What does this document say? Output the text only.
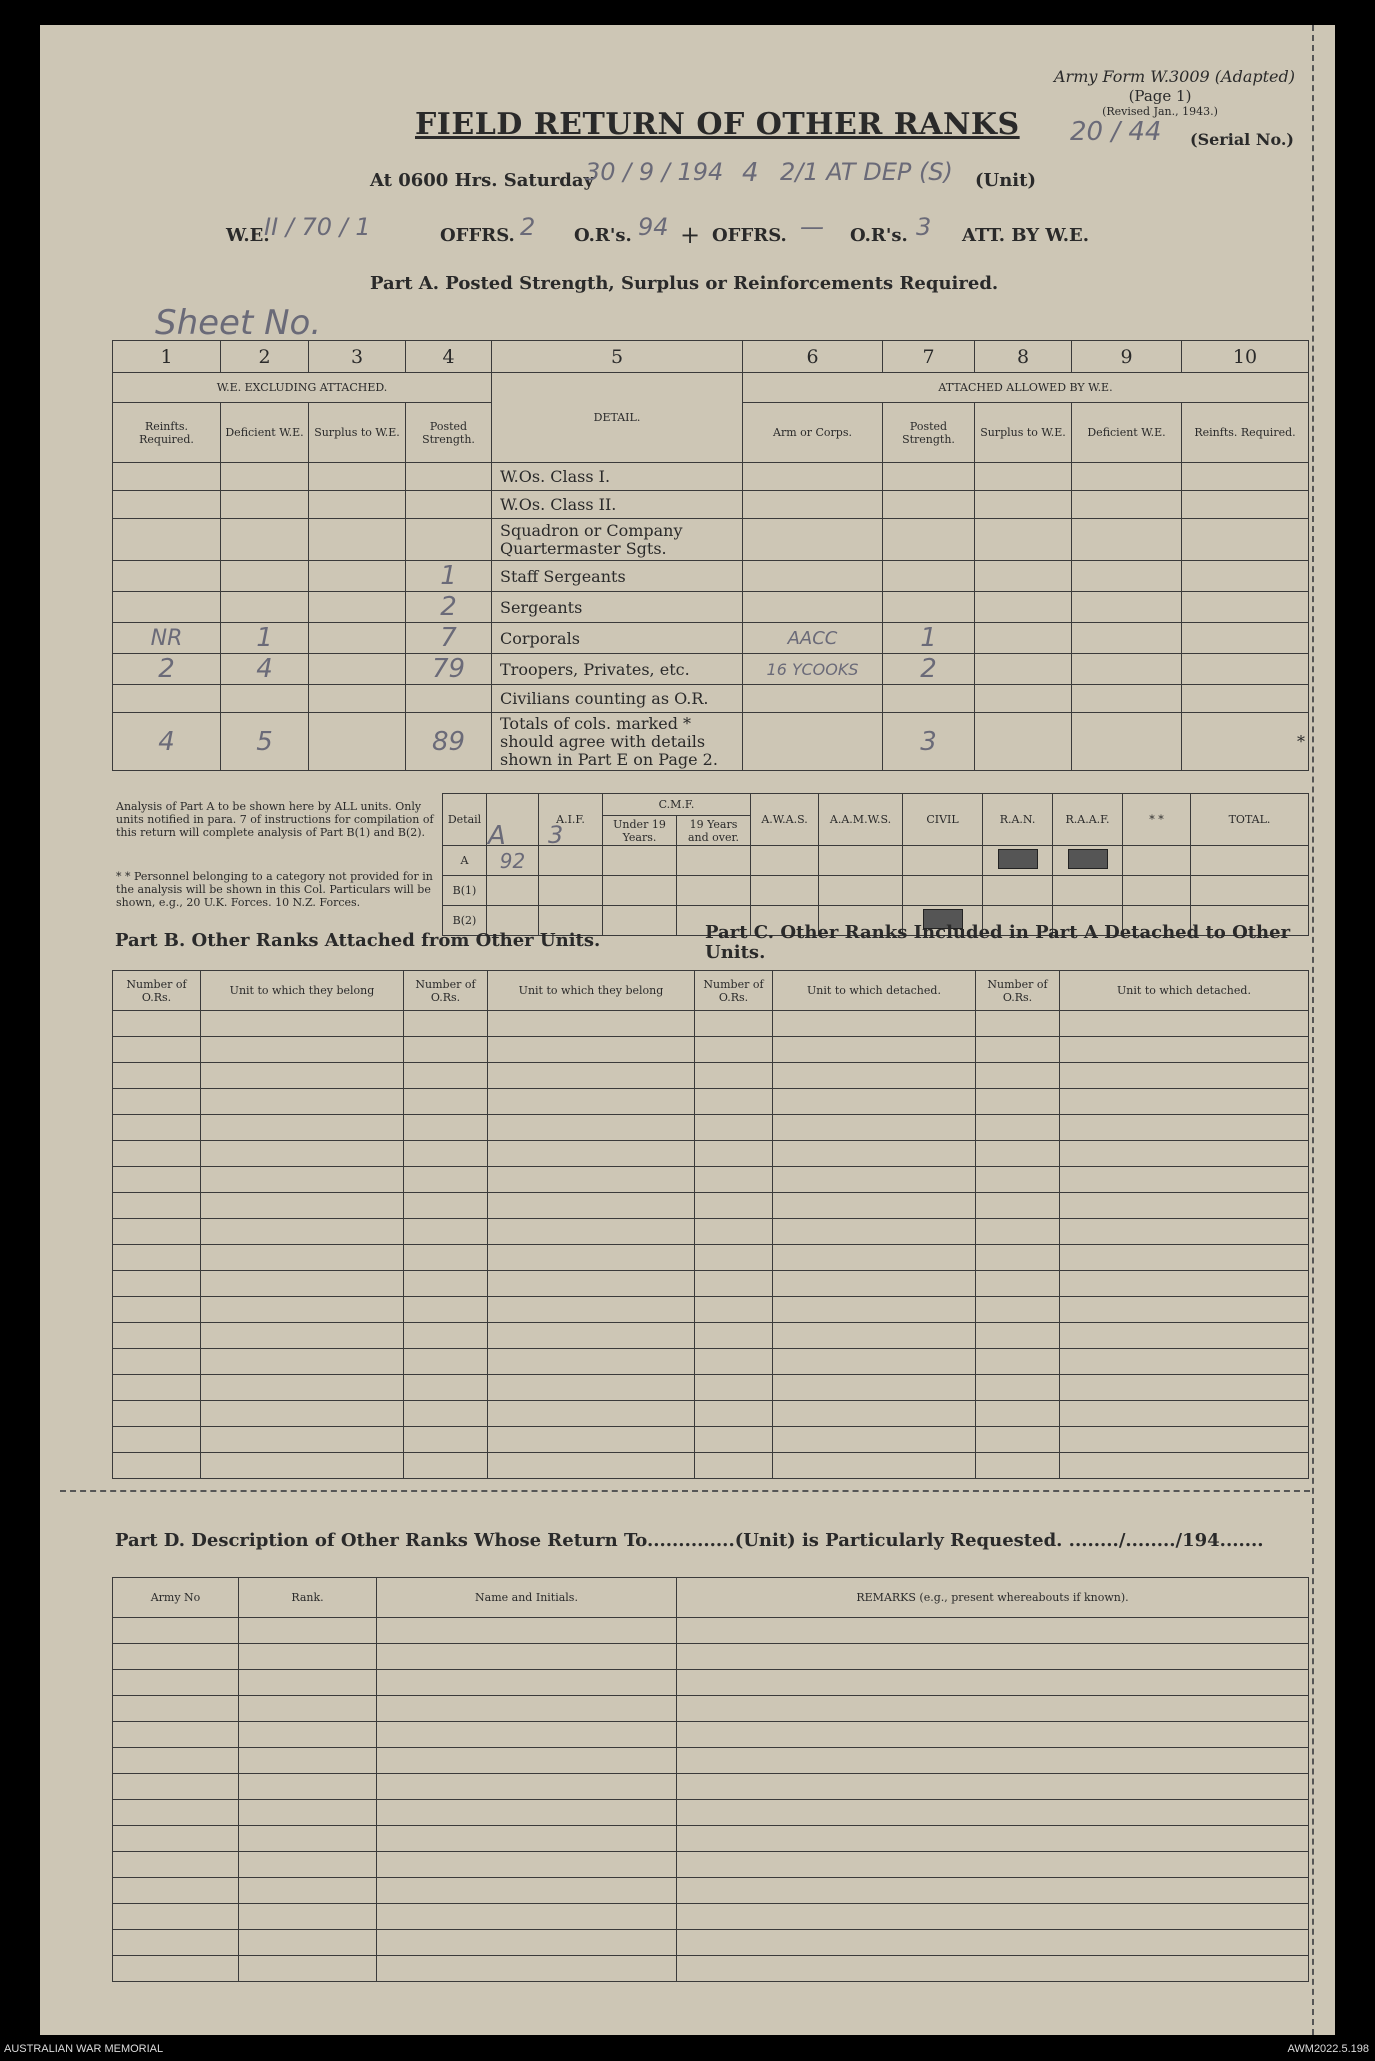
Army Form W.3009 (Adapted)
(Page 1)
(Revised Jan., 1943.)
20 / 44	(Serial No.)
FIELD RETURN OF OTHER RANKS
At 0600 Hrs. Saturday
30 / 9 / 194 4 2/1 AT DEP (S) (Unit)
W.E.
II / 70 / 1	OFFRS. 2 O.R's. 94 + OFFRS. — O.R's. 3 ATT. BY W.E.
Part A. Posted Strength, Surplus or Reinforcements Required.
Sheet No.
1	2	3	4	5	6	7	8	9	10
W.E. EXCLUDING ATTACHED.				DETAIL.	ATTACHED ALLOWED BY W.E.				
Reinfts. Required.	Deficient W.E.	Surplus to W.E.	Posted Strength.		Arm or Corps.	Posted Strength.	Surplus to W.E.	Deficient W.E.	Reinfts. Required.
				W.Os. Class I.					
				W.Os. Class II.					
				Squadron or Company Quartermaster Sgts.					
			1	Staff Sergeants					
			2	Sergeants					
NR	1		7	Corporals	AACC	1			
2	4		79	Troopers, Privates, etc.	16 YCOOKS	2			
				Civilians counting as O.R.					
4	5		89	Totals of cols. marked * should agree with details shown in Part E on Page 2.		3			*
Analysis of Part A to be shown here by ALL units. Only units notified in para. 7 of instructions for compilation of this return will complete analysis of Part B(1) and B(2).
* * Personnel belonging to a category not provided for in the analysis will be shown in this Col. Particulars will be shown, e.g., 20 U.K. Forces. 10 N.Z. Forces.
Detail		A.I.F.	C.M.F.		A.W.A.S.	A.A.M.W.S.	CIVIL	R.A.N.	R.A.A.F.	* *	TOTAL.
			Under 19 Years.	19 Years and over.							
A	92										
B(1)											
B(2)											
A 3
Part B. Other Ranks Attached from Other Units.	Part C. Other Ranks Included in Part A Detached to Other Units.
Number of O.Rs.	Unit to which they belong	Number of O.Rs.	Unit to which they belong	Number of O.Rs.	Unit to which detached.	Number of O.Rs.	Unit to which detached.

Part D. Description of Other Ranks Whose Return To..............(Unit) is Particularly Requested. ......../......../194.......
Army No	Rank.	Name and Initials.	REMARKS (e.g., present whereabouts if known).

AUSTRALIAN WAR MEMORIAL	AWM2022.5.198
